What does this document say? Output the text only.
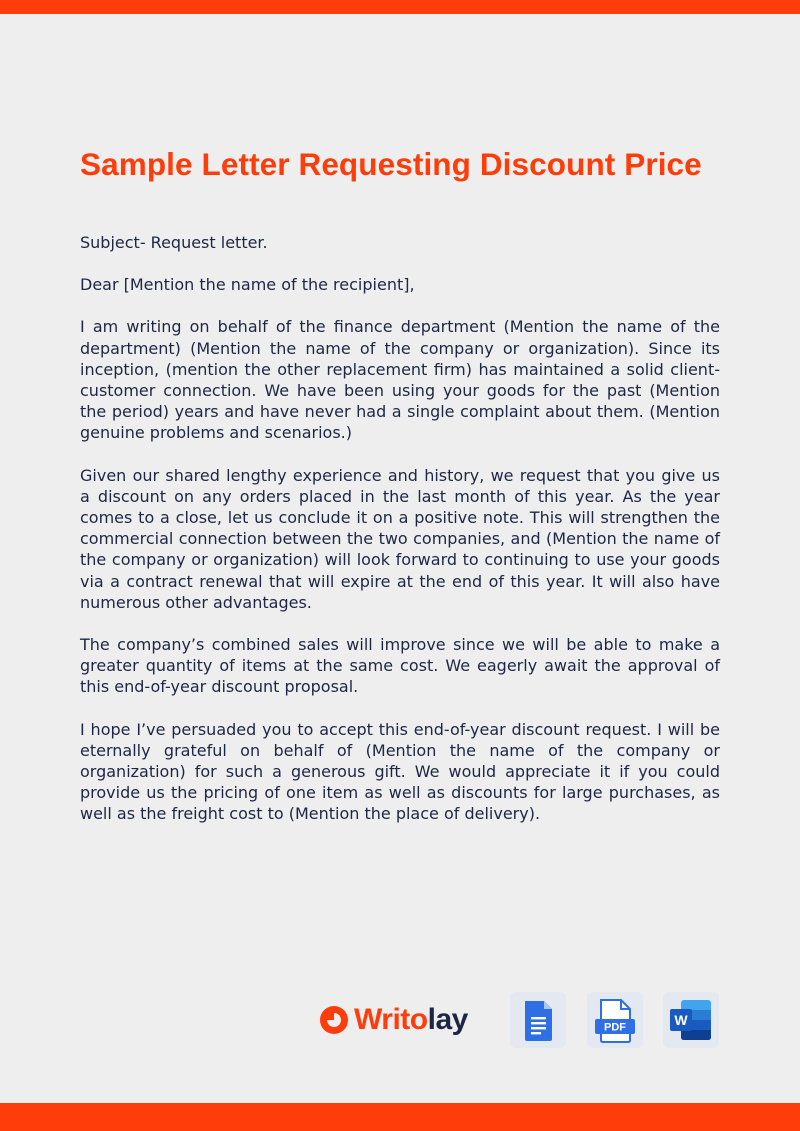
Sample Letter Requesting Discount Price

Subject- Request letter.

Dear [Mention the name of the recipient],

I am writing on behalf of the finance department (Mention the name of the department) (Mention the name of the company or organization). Since its inception, (mention the other replacement firm) has maintained a solid client-customer connection. We have been using your goods for the past (Mention the period) years and have never had a single complaint about them. (Mention genuine problems and scenarios.)

Given our shared lengthy experience and history, we request that you give us a discount on any orders placed in the last month of this year. As the year comes to a close, let us conclude it on a positive note. This will strengthen the commercial connection between the two companies, and (Mention the name of the company or organization) will look forward to continuing to use your goods via a contract renewal that will expire at the end of this year. It will also have numerous other advantages.

The company’s combined sales will improve since we will be able to make a greater quantity of items at the same cost. We eagerly await the approval of this end-of-year discount proposal.

I hope I’ve persuaded you to accept this end-of-year discount request. I will be eternally grateful on behalf of (Mention the name of the company or organization) for such a generous gift. We would appreciate it if you could provide us the pricing of one item as well as discounts for large purchases, as well as the freight cost to (Mention the place of delivery).

Writolay	PDF	W
